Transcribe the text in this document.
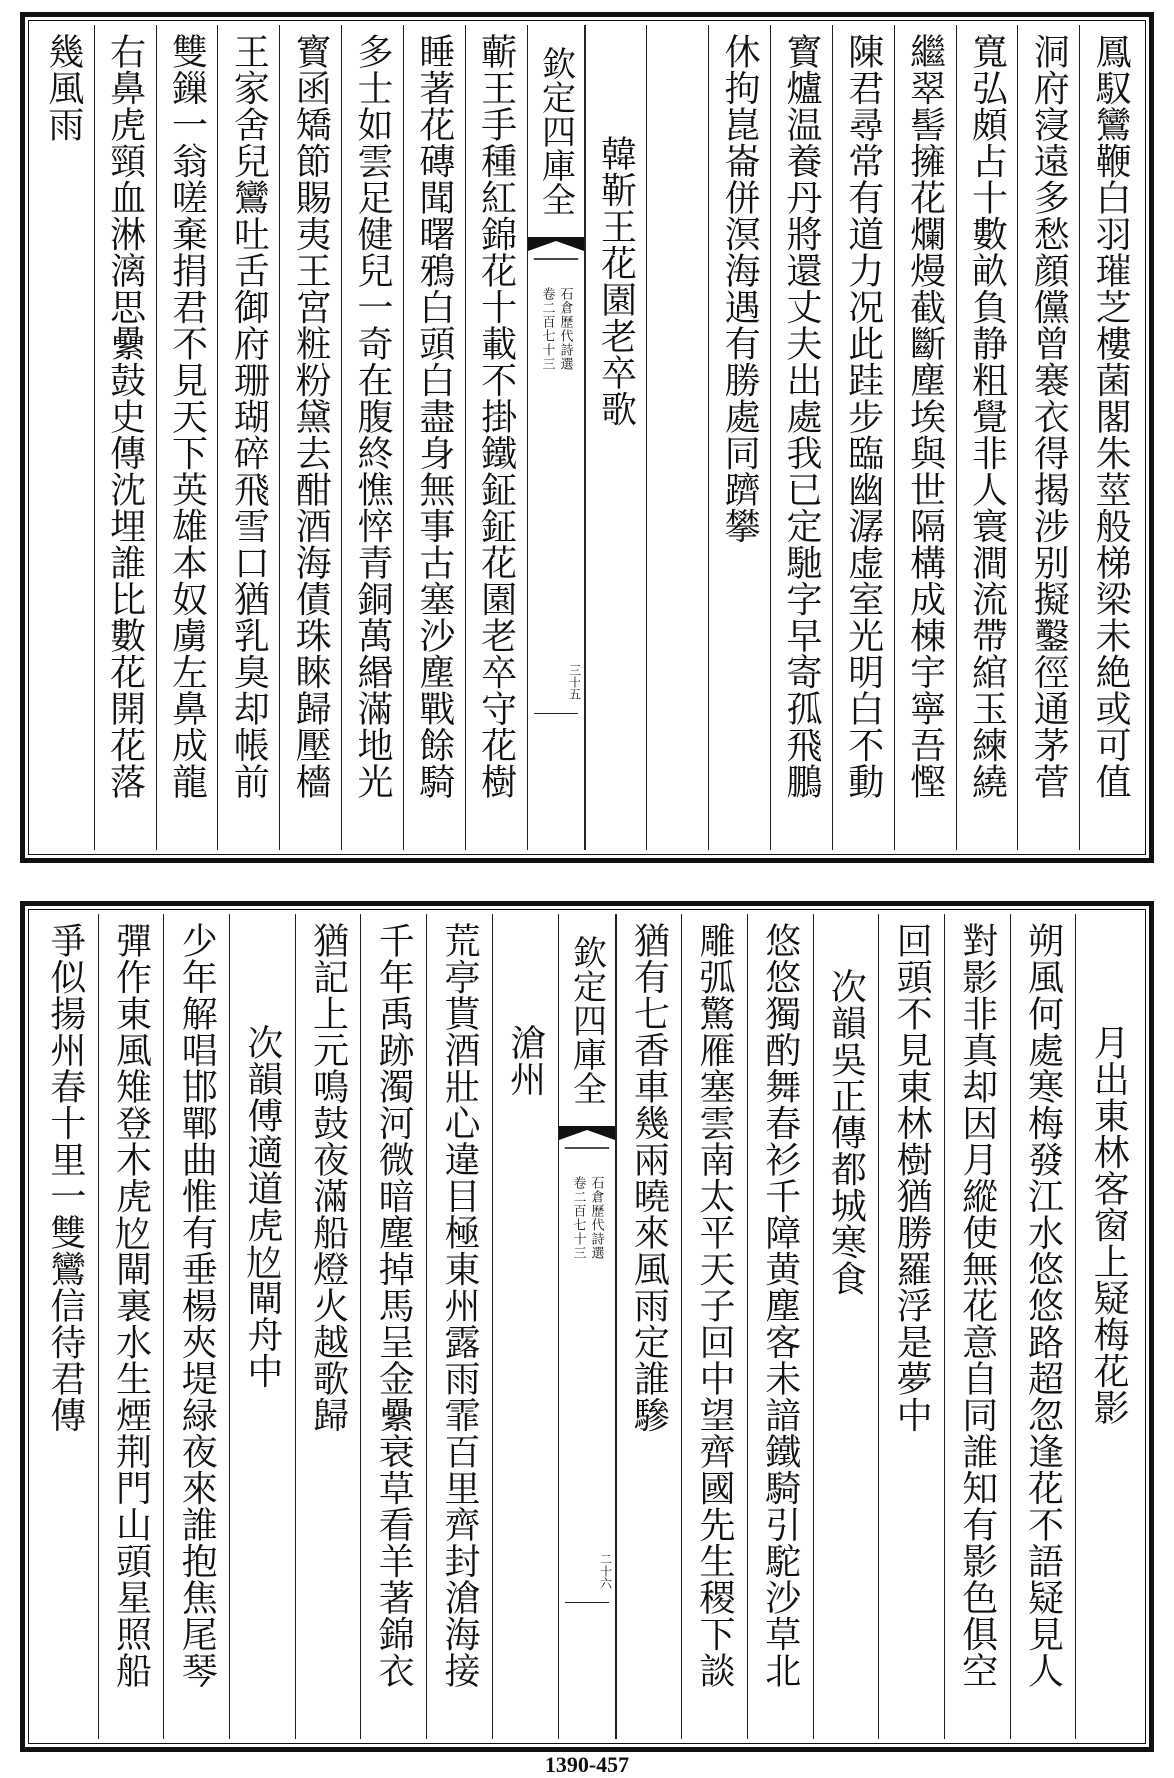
鳳馭鸞鞭白羽璀芝樓菌閣朱莖般梯梁未絶或可值
洞府寖遠多愁顔儻曾褰衣得揭涉别擬鑿徑通茅菅
寬弘頗占十數畝負静粗覺非人寰澗流帶綰玉練繞
繼翠髻擁花爛熳截斷塵埃與世隔構成棟宇寧吾慳
陳君尋常有道力况此跬步臨幽潺虚室光明白不動
寳爐温養丹將還丈夫出處我已定馳字早寄孤飛鵬
休拘崑崙併溟海遇有勝處同躋攀
韓靳王花園老卒歌
欽定四庫全
石倉歷代詩選
卷二百七十三
三十五
蘄王手種紅錦花十載不掛鐵鉦鉦花園老卒守花樹
睡著花磚聞曙鴉白頭白盡身無事古塞沙塵戰餘騎
多士如雲足健兒一奇在腹終憔悴青銅萬緡滿地光
寳函矯節賜夷王宮粧粉黛去酣酒海債珠睞歸壓檣
王家舍兒鸞吐舌御府珊瑚碎飛雪口猶乳臭却帳前
雙鏁一翁嗟棄捐君不見天下英雄本奴虜左鼻成龍
右鼻虎頸血淋漓思纍鼓史傳沈埋誰比數花開花落
幾風雨
月出東林客窗上疑梅花影
朔風何處寒梅發江水悠悠路超忽逢花不語疑見人
對影非真却因月縱使無花意自同誰知有影色俱空
回頭不見東林樹猶勝羅浮是夢中
次韻吳正傳都城寒食
悠悠獨酌舞春衫千障黄塵客未諳鐵騎引駝沙草北
雕弧驚雁塞雲南太平天子回中望齊國先生稷下談
猶有七香車幾兩曉來風雨定誰驂
欽定四庫全
石倉歷代詩選
卷二百七十三
二十六
滄州
荒亭貰酒壯心違目極東州露雨霏百里齊封滄海接
千年禹跡濁河微暗塵掉馬呈金纍衰草看羊著錦衣
猶記上元鳴鼓夜滿船燈火越歌歸
次韻傅適道虎𡯌閘舟中
少年解唱邯鄲曲惟有垂楊夾堤緑夜來誰抱焦尾琴
彈作東風雉登木虎𡯌閘裏水生煙荆門山頭星照船
爭似揚州春十里一雙鸞信待君傳
1390-457
